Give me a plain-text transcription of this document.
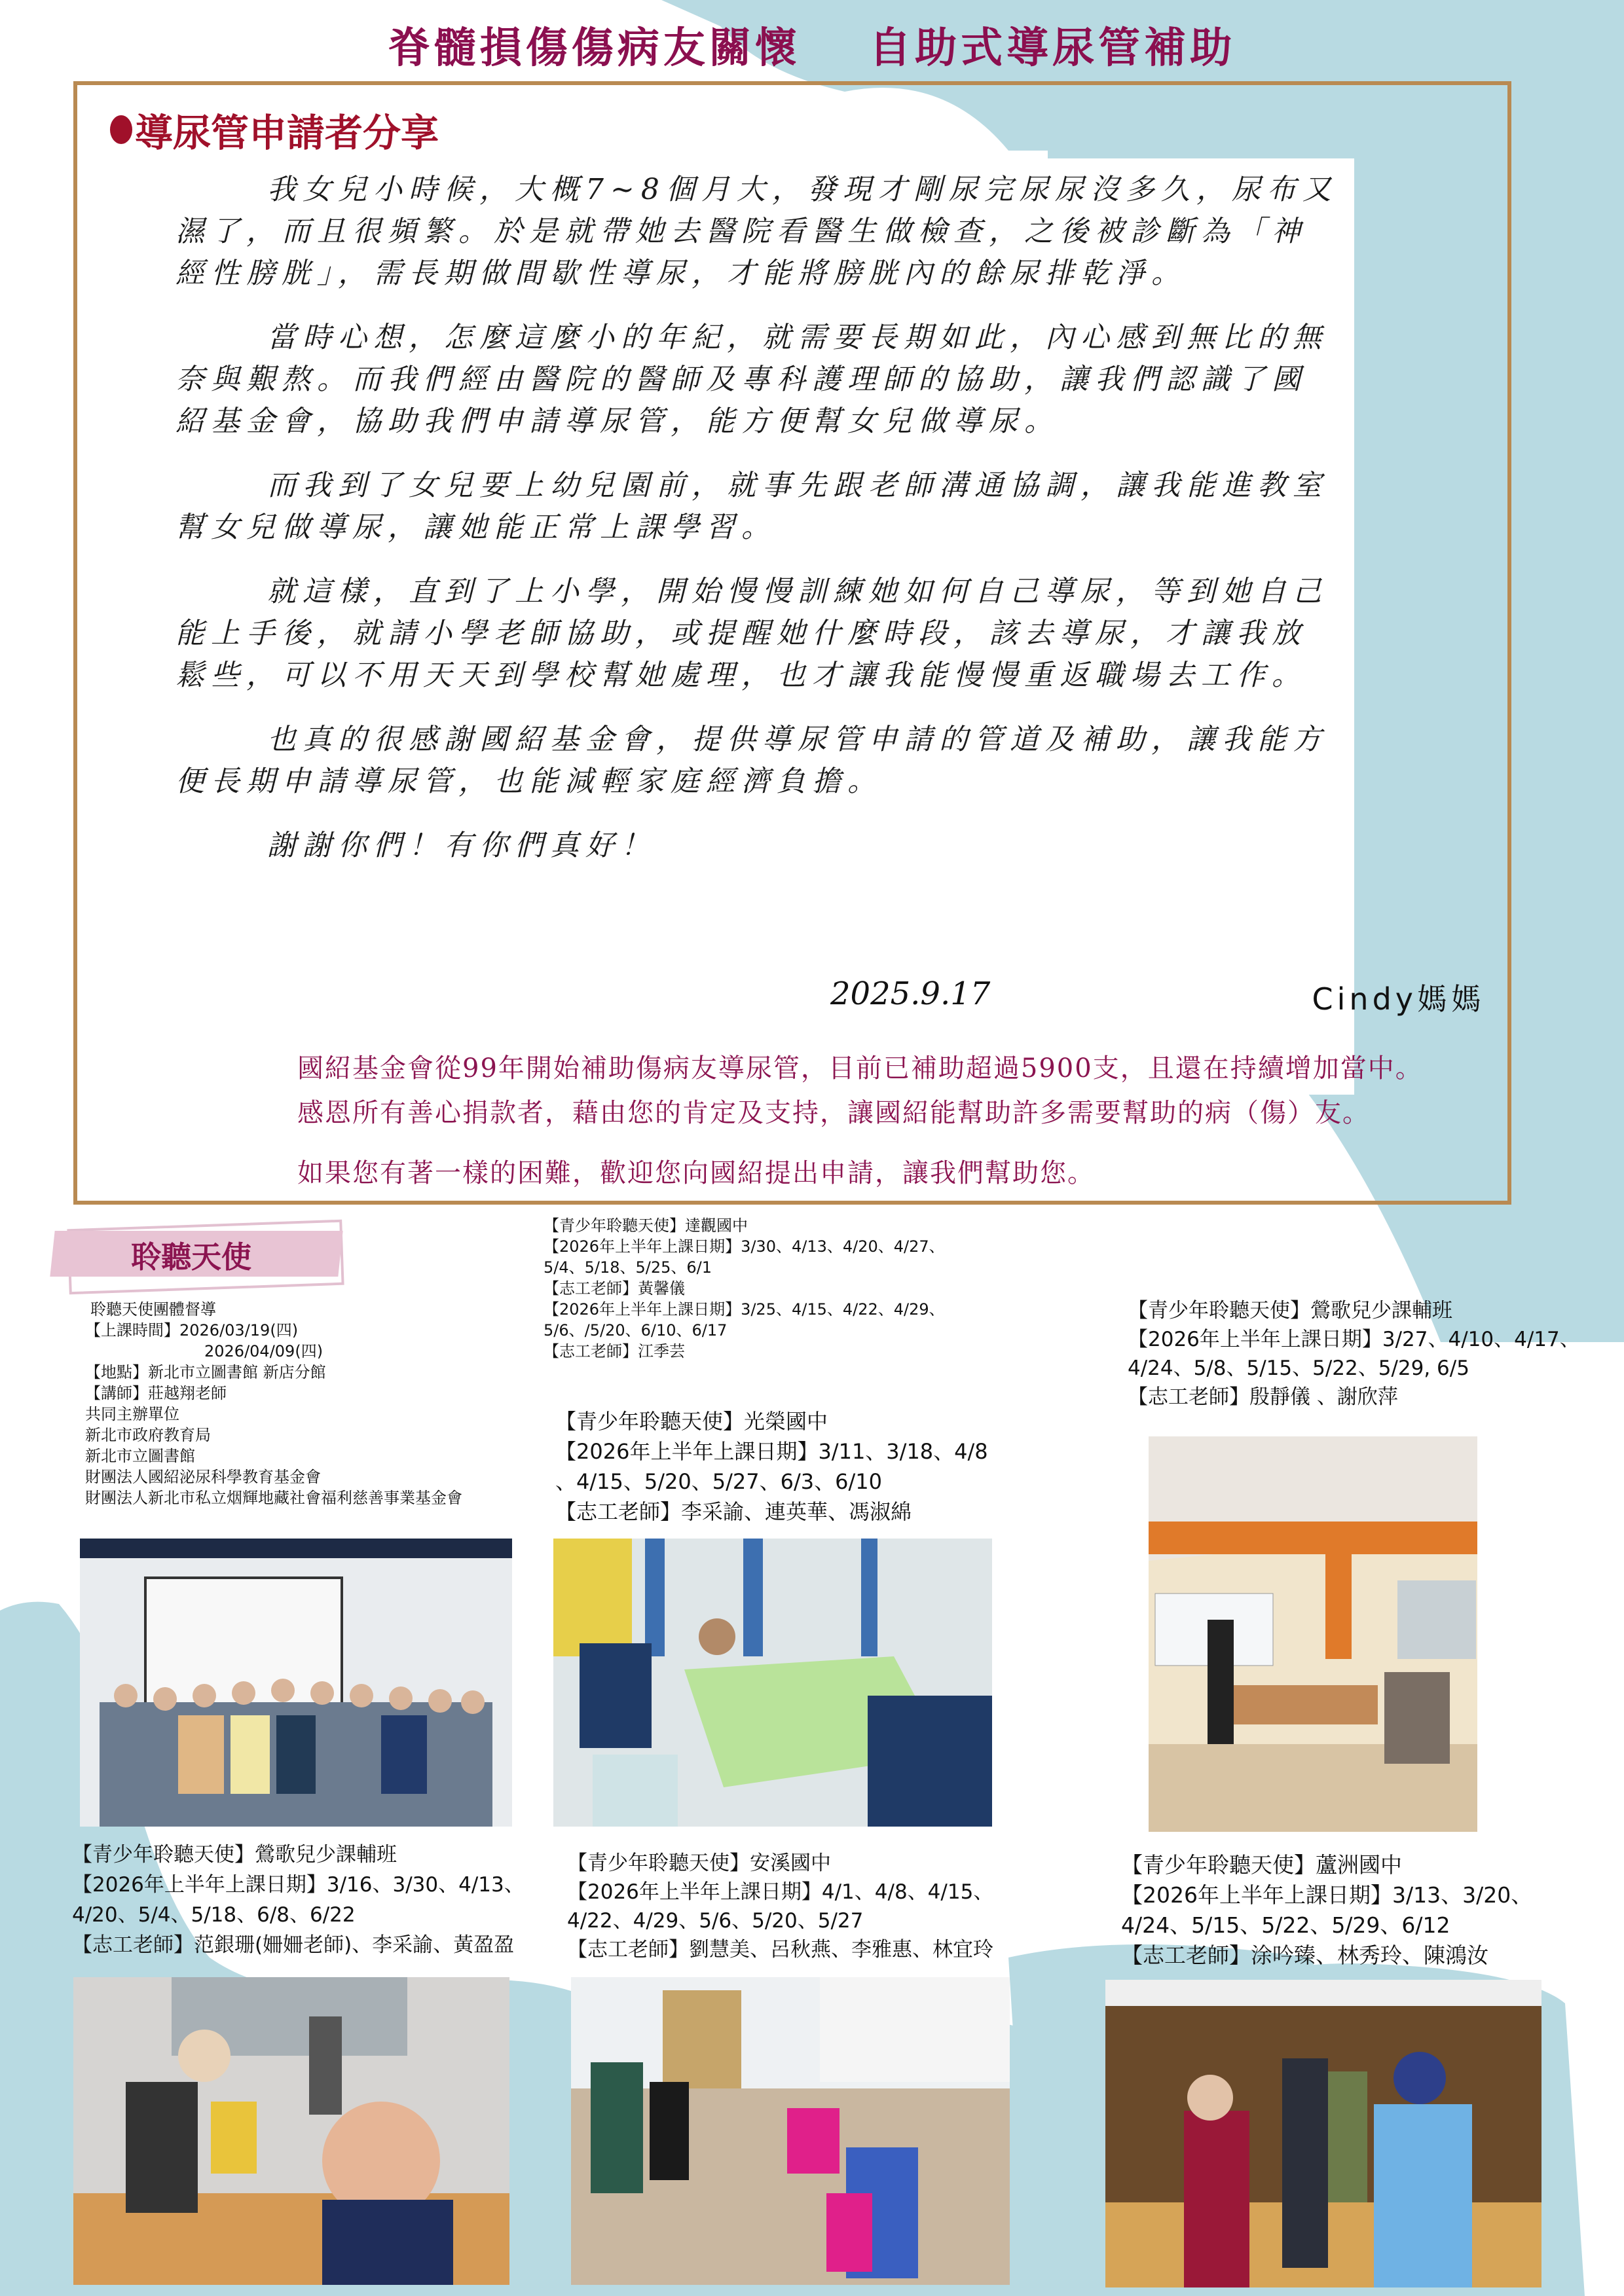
脊髓損傷傷病友關懷 自助式導尿管補助
導尿管申請者分享

我女兒小時候，大概7~8個月大，發現才剛尿完尿尿沒多久，尿布又濕了，而且很頻繁。於是就帶她去醫院看醫生做檢查，之後被診斷為「神經性膀胱」，需長期做間歇性導尿，才能將膀胱內的餘尿排乾淨。

當時心想，怎麼這麼小的年紀，就需要長期如此，內心感到無比的無奈與艱熬。而我們經由醫院的醫師及專科護理師的協助，讓我們認識了國紹基金會，協助我們申請導尿管，能方便幫女兒做導尿。

而我到了女兒要上幼兒園前，就事先跟老師溝通協調，讓我能進教室幫女兒做導尿，讓她能正常上課學習。

就這樣，直到了上小學，開始慢慢訓練她如何自己導尿，等到她自己能上手後，就請小學老師協助，或提醒她什麼時段，該去導尿，才讓我放鬆些，可以不用天天到學校幫她處理，也才讓我能慢慢重返職場去工作。

也真的很感謝國紹基金會，提供導尿管申請的管道及補助，讓我能方便長期申請導尿管，也能減輕家庭經濟負擔。

謝謝你們！有你們真好！

2025.9.17	Cindy媽媽

國紹基金會從99年開始補助傷病友導尿管，目前已補助超過5900支，且還在持續增加當中。

感恩所有善心捐款者，藉由您的肯定及支持，讓國紹能幫助許多需要幫助的病（傷）友。

如果您有著一樣的困難，歡迎您向國紹提出申請，讓我們幫助您。

聆聽天使
聆聽天使團體督導
【上課時間】2026/03/19(四)
2026/04/09(四)
【地點】新北市立圖書館 新店分館
【講師】莊越翔老師
共同主辦單位
新北市政府教育局
新北市立圖書館
財團法人國紹泌尿科學教育基金會
財團法人新北市私立烟輝地藏社會福利慈善事業基金會
【青少年聆聽天使】達觀國中
【2026年上半年上課日期】3/30、4/13、4/20、4/27、
5/4、5/18、5/25、6/1
【志工老師】黃馨儀
【2026年上半年上課日期】3/25、4/15、4/22、4/29、
5/6、/5/20、6/10、6/17
【志工老師】江季芸
【青少年聆聽天使】光榮國中
【2026年上半年上課日期】3/11、3/18、4/8
、4/15、5/20、5/27、6/3、6/10
【志工老師】李采諭、連英華、馮淑綿
【青少年聆聽天使】鶯歌兒少課輔班
【2026年上半年上課日期】3/27、4/10、4/17、
4/24、5/8、5/15、5/22、5/29, 6/5
【志工老師】殷靜儀 、謝欣萍
【青少年聆聽天使】鶯歌兒少課輔班
【2026年上半年上課日期】3/16、3/30、4/13、
4/20、5/4、5/18、6/8、6/22
【志工老師】范銀珊(姍姍老師)、李采諭、黃盈盈
【青少年聆聽天使】安溪國中
【2026年上半年上課日期】4/1、4/8、4/15、
4/22、4/29、5/6、5/20、5/27
【志工老師】劉慧美、呂秋燕、李雅惠、林宜玲
【青少年聆聽天使】蘆洲國中
【2026年上半年上課日期】3/13、3/20、
4/24、5/15、5/22、5/29、6/12
【志工老師】涂吟臻、林秀玲、陳鴻汝
